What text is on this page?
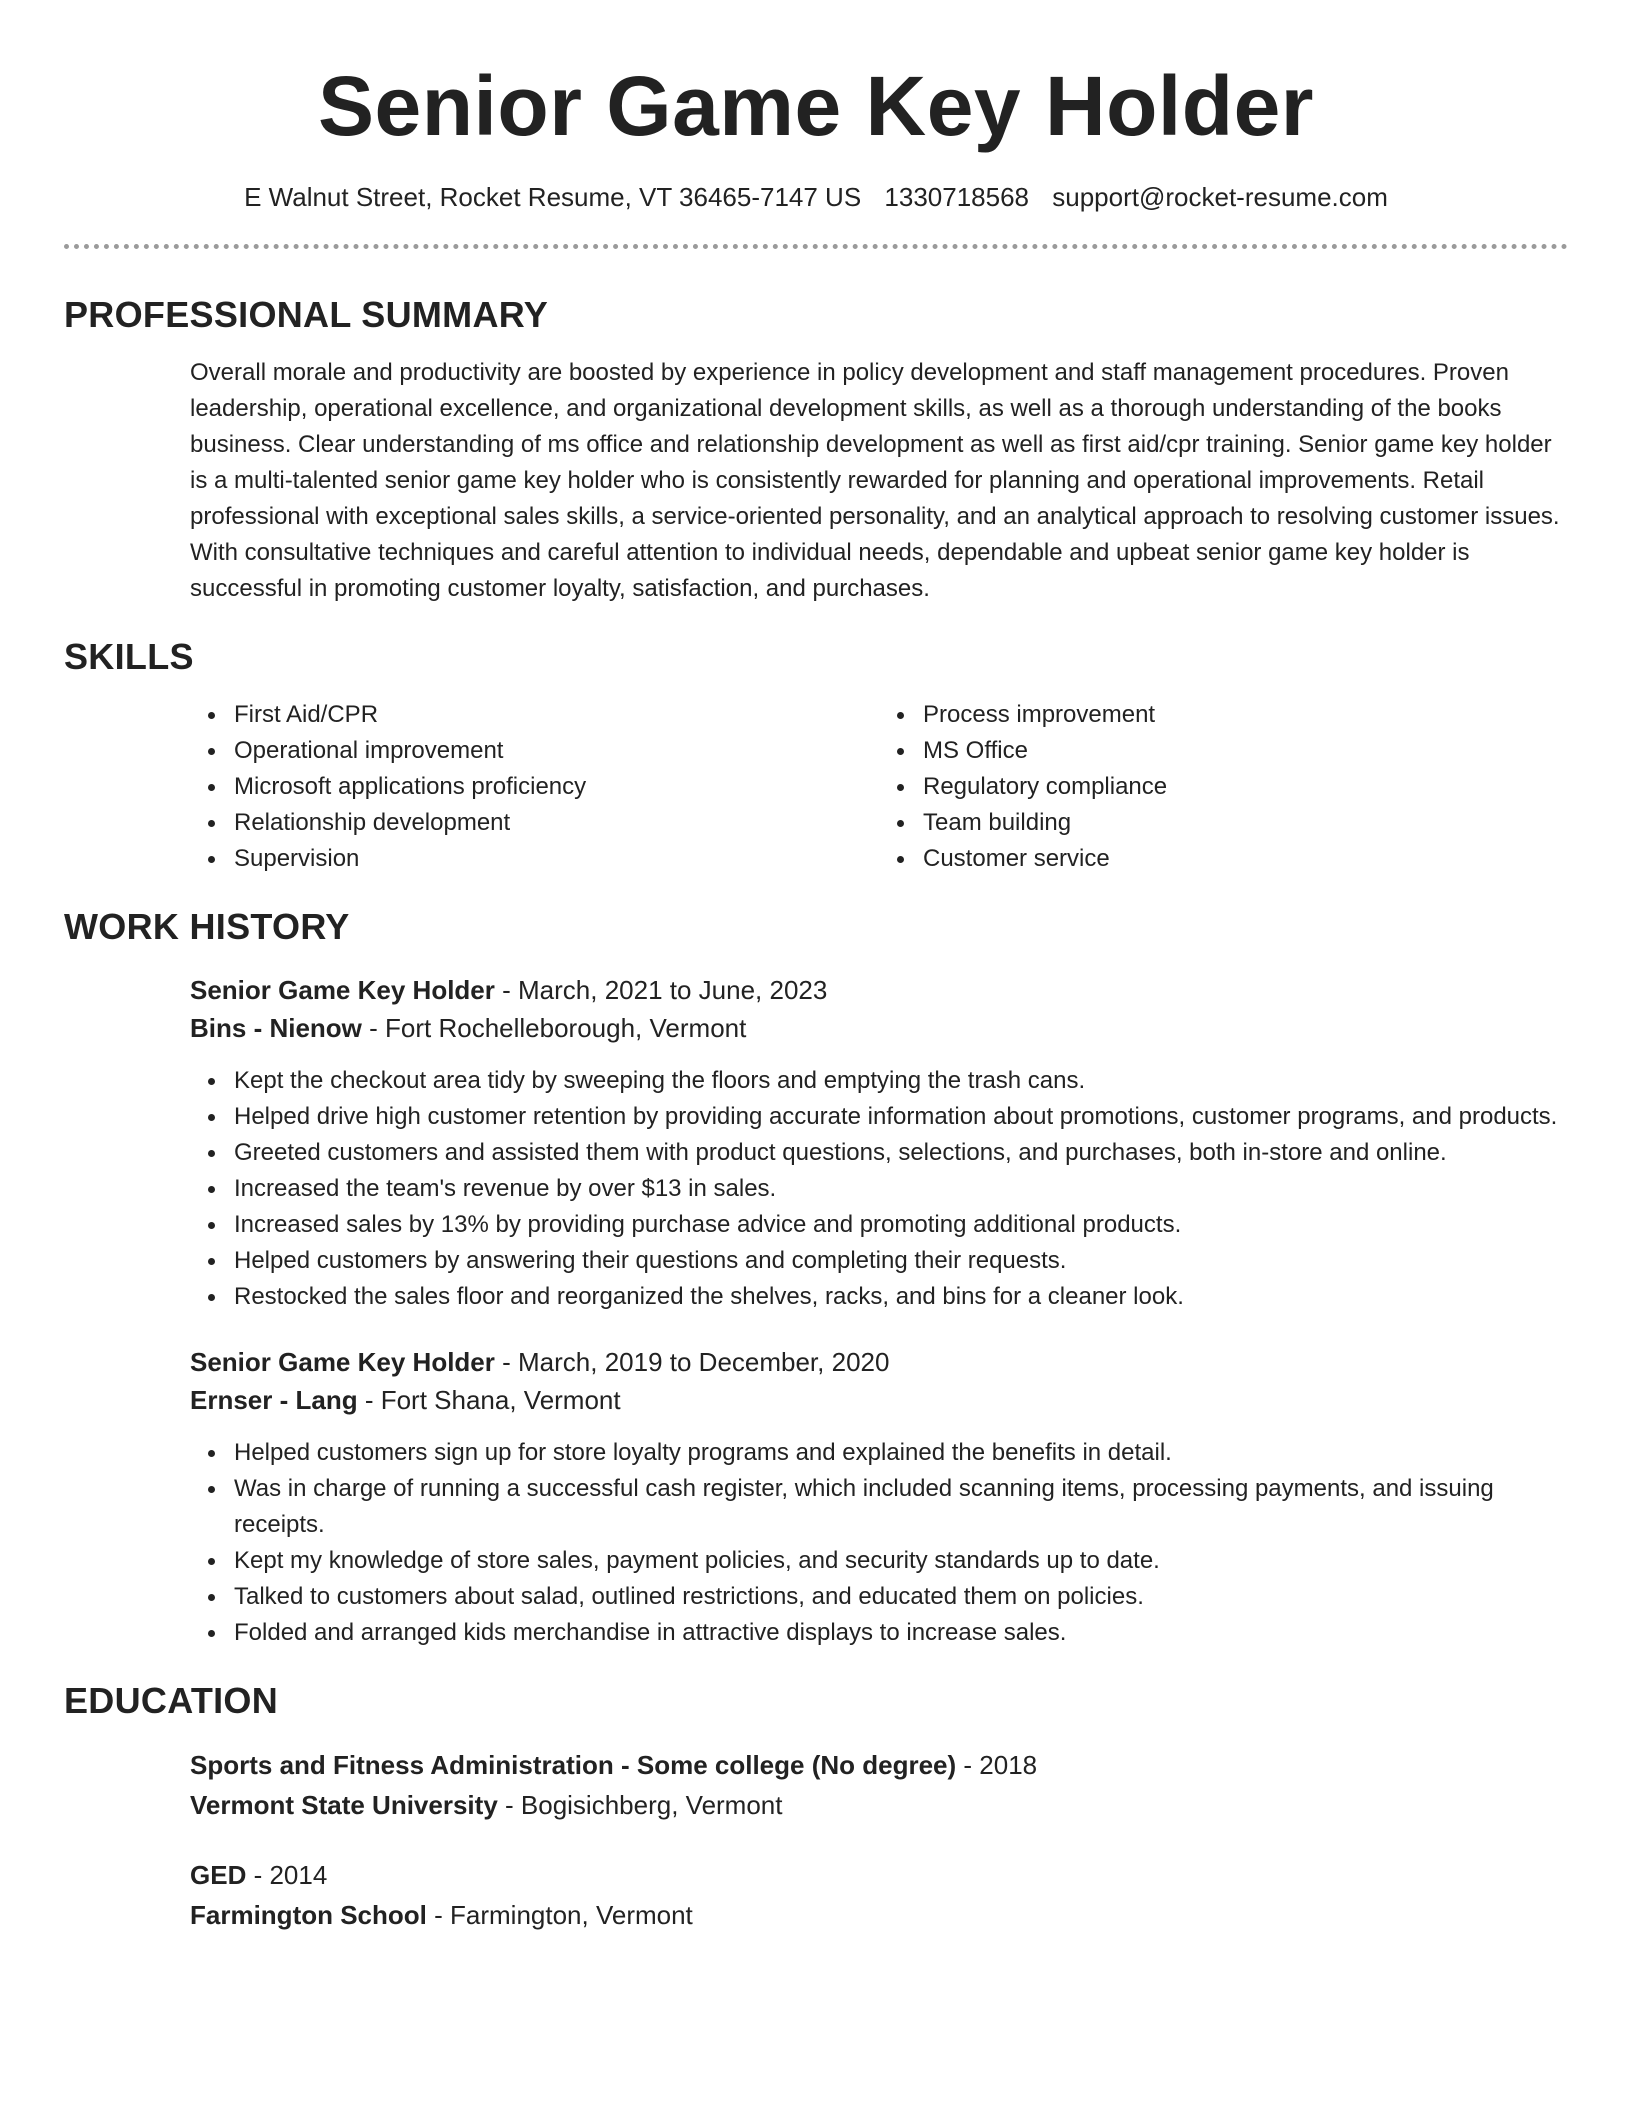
Senior Game Key Holder
E Walnut Street, Rocket Resume, VT 36465-7147 US 1330718568 support@rocket-resume.com
PROFESSIONAL SUMMARY

Overall morale and productivity are boosted by experience in policy development and staff management procedures. Proven leadership, operational excellence, and organizational development skills, as well as a thorough understanding of the books business. Clear understanding of ms office and relationship development as well as first aid/cpr training. Senior game key holder is a multi-talented senior game key holder who is consistently rewarded for planning and operational improvements. Retail professional with exceptional sales skills, a service-oriented personality, and an analytical approach to resolving customer issues. With consultative techniques and careful attention to individual needs, dependable and upbeat senior game key holder is successful in promoting customer loyalty, satisfaction, and purchases.

SKILLS
First Aid/CPR
Operational improvement
Microsoft applications proficiency
Relationship development
Supervision
Process improvement
MS Office
Regulatory compliance
Team building
Customer service
WORK HISTORY
Senior Game Key Holder - March, 2021 to June, 2023
Bins - Nienow - Fort Rochelleborough, Vermont
Kept the checkout area tidy by sweeping the floors and emptying the trash cans.
Helped drive high customer retention by providing accurate information about promotions, customer programs, and products.
Greeted customers and assisted them with product questions, selections, and purchases, both in-store and online.
Increased the team's revenue by over $13 in sales.
Increased sales by 13% by providing purchase advice and promoting additional products.
Helped customers by answering their questions and completing their requests.
Restocked the sales floor and reorganized the shelves, racks, and bins for a cleaner look.
Senior Game Key Holder - March, 2019 to December, 2020
Ernser - Lang - Fort Shana, Vermont
Helped customers sign up for store loyalty programs and explained the benefits in detail.
Was in charge of running a successful cash register, which included scanning items, processing payments, and issuing receipts.
Kept my knowledge of store sales, payment policies, and security standards up to date.
Talked to customers about salad, outlined restrictions, and educated them on policies.
Folded and arranged kids merchandise in attractive displays to increase sales.
EDUCATION
Sports and Fitness Administration - Some college (No degree) - 2018
Vermont State University - Bogisichberg, Vermont
GED - 2014
Farmington School - Farmington, Vermont
